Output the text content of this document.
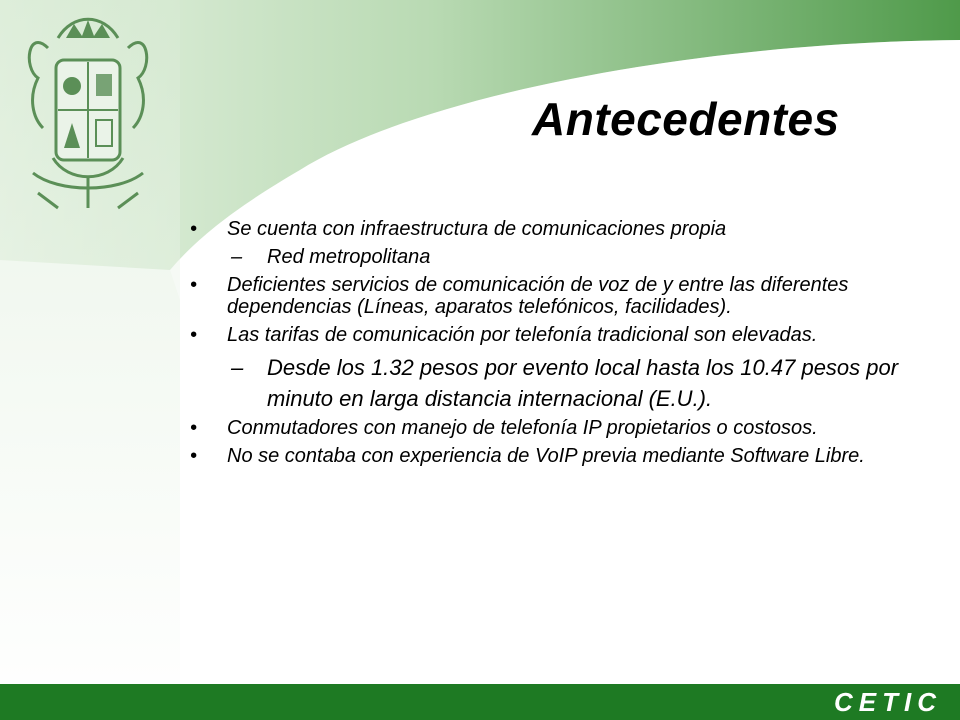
Antecedentes
• Se cuenta con infraestructura de comunicaciones propia
– Red metropolitana
• Deficientes servicios de comunicación de voz de y entre las diferentes dependencias (Líneas, aparatos telefónicos, facilidades).
• Las tarifas de comunicación por telefonía tradicional son elevadas.
– Desde los 1.32 pesos por evento local hasta los 10.47 pesos por minuto en larga distancia internacional (E.U.).
• Conmutadores con manejo de telefonía IP propietarios o costosos.
• No se contaba con experiencia de VoIP previa mediante Software Libre.
CETIC
